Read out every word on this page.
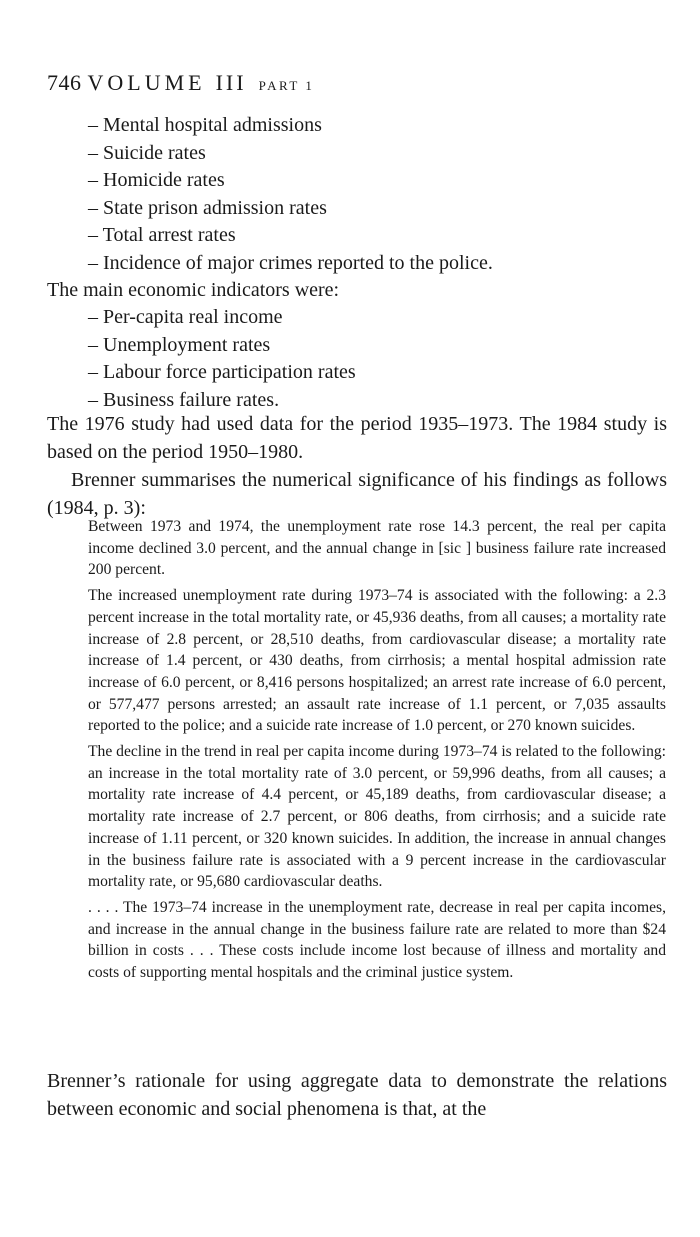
746 VOLUME III PART 1
– Mental hospital admissions
– Suicide rates
– Homicide rates
– State prison admission rates
– Total arrest rates
– Incidence of major crimes reported to the police.
The main economic indicators were:
– Per-capita real income
– Unemployment rates
– Labour force participation rates
– Business failure rates.

The 1976 study had used data for the period 1935–1973. The 1984 study is based on the period 1950–1980.

Brenner summarises the numerical significance of his findings as follows (1984, p. 3):

Between 1973 and 1974, the unemployment rate rose 14.3 percent, the real per capita income declined 3.0 percent, and the annual change in [sic ] business failure rate increased 200 percent.

The increased unemployment rate during 1973–74 is associated with the following: a 2.3 percent increase in the total mortality rate, or 45,936 deaths, from all causes; a mortality rate increase of 2.8 percent, or 28,510 deaths, from cardiovascular disease; a mortality rate increase of 1.4 percent, or 430 deaths, from cirrhosis; a mental hospital admission rate increase of 6.0 percent, or 8,416 persons hospitalized; an arrest rate increase of 6.0 percent, or 577,477 persons arrested; an assault rate increase of 1.1 percent, or 7,035 assaults reported to the police; and a suicide rate increase of 1.0 percent, or 270 known suicides.

The decline in the trend in real per capita income during 1973–74 is related to the following: an increase in the total mortality rate of 3.0 percent, or 59,996 deaths, from all causes; a mortality rate increase of 4.4 percent, or 45,189 deaths, from cardiovascular disease; a mortality rate increase of 2.7 percent, or 806 deaths, from cirrhosis; and a suicide rate increase of 1.11 percent, or 320 known suicides. In addition, the increase in annual changes in the business failure rate is associated with a 9 percent increase in the cardiovascular mortality rate, or 95,680 cardiovascular deaths.

. . . . The 1973–74 increase in the unemployment rate, decrease in real per capita incomes, and increase in the annual change in the business failure rate are related to more than $24 billion in costs . . . These costs include income lost because of illness and mortality and costs of supporting mental hospitals and the criminal justice system.

Brenner’s rationale for using aggregate data to demonstrate the relations between economic and social phenomena is that, at the
